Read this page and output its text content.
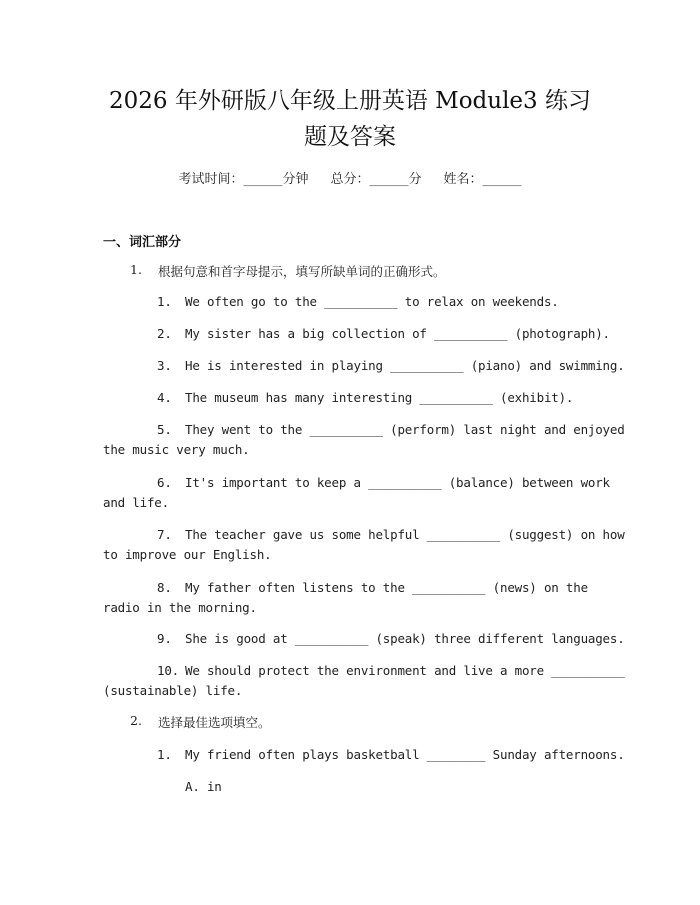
2026 年外研版八年级上册英语 Module3 练习
题及答案
考试时间：______分钟 总分：______分 姓名：______
一、词汇部分
1. 根据句意和首字母提示，填写所缺单词的正确形式。
1. We often go to the __________ to relax on weekends.
2. My sister has a big collection of __________ (photograph).
3. He is interested in playing __________ (piano) and swimming.
4. The museum has many interesting __________ (exhibit).
5. They went to the __________ (perform) last night and enjoyed
the music very much.
6. It's important to keep a __________ (balance) between work
and life.
7. The teacher gave us some helpful __________ (suggest) on how
to improve our English.
8. My father often listens to the __________ (news) on the
radio in the morning.
9. She is good at __________ (speak) three different languages.
10. We should protect the environment and live a more __________
(sustainable) life.
2. 选择最佳选项填空。
1. My friend often plays basketball ________ Sunday afternoons.
A. in
